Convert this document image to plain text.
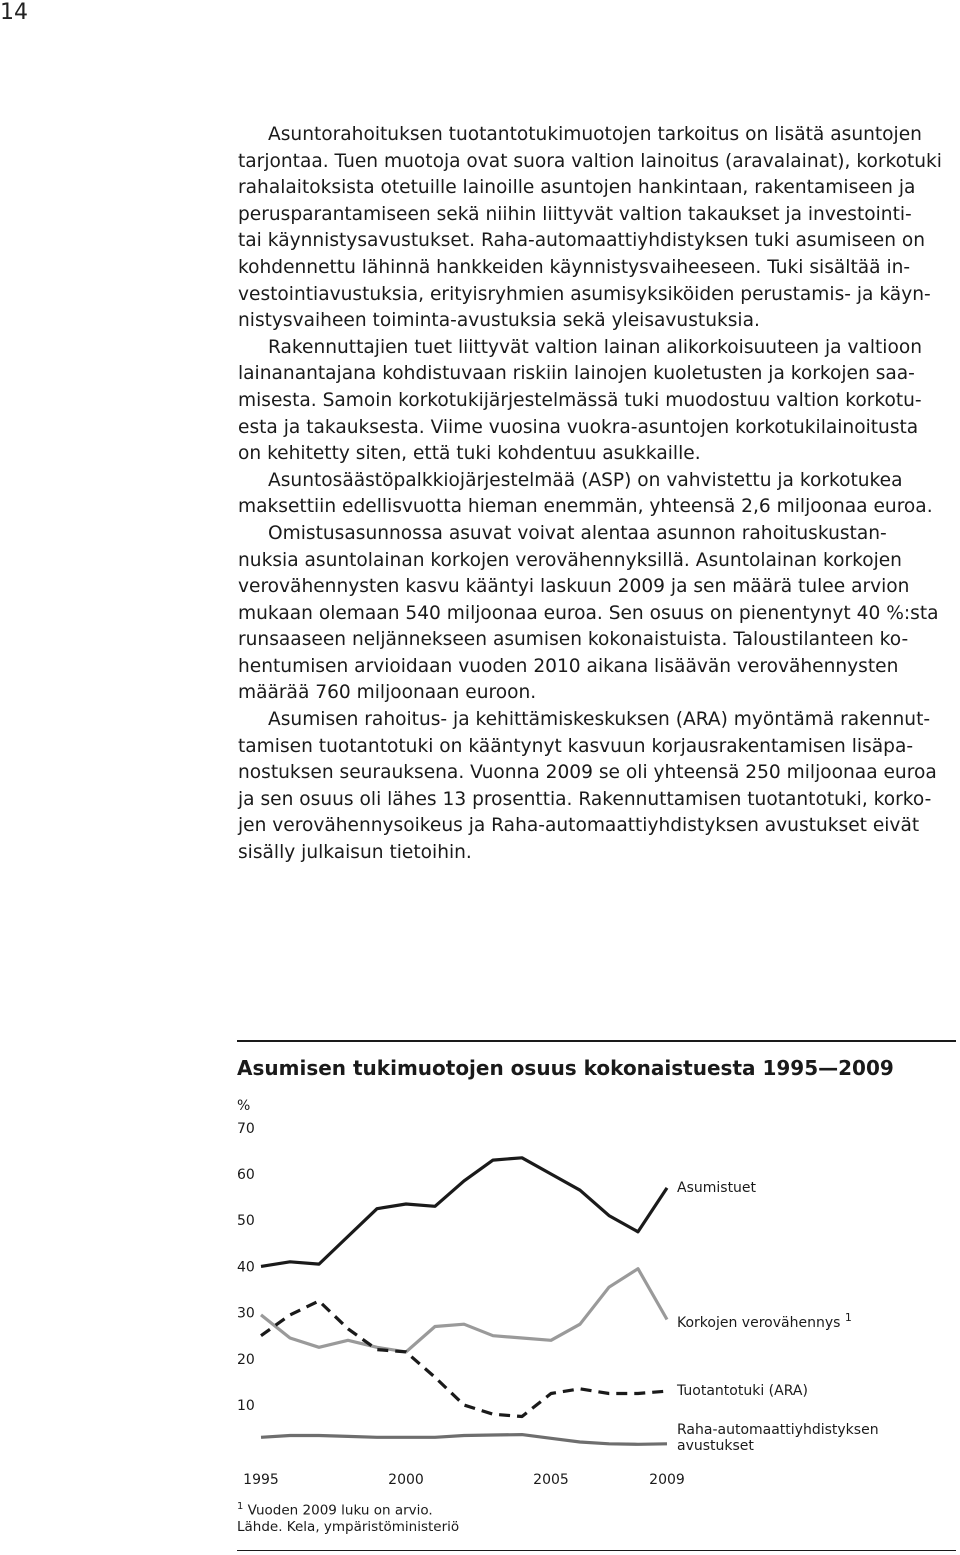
14
Asuntorahoituksen tuotantotukimuotojen tarkoitus on lisätä asuntojen
tarjontaa. Tuen muotoja ovat suora valtion lainoitus (aravalainat), korkotuki
rahalaitoksista otetuille lainoille asuntojen hankintaan, rakentamiseen ja
perusparantamiseen sekä niihin liittyvät valtion takaukset ja investointi-
tai käynnistysavustukset. Raha-automaattiyhdistyksen tuki asumiseen on
kohdennettu lähinnä hankkeiden käynnistysvaiheeseen. Tuki sisältää in-
vestointiavustuksia, erityisryhmien asumisyksiköiden perustamis- ja käyn-
nistysvaiheen toiminta-avustuksia sekä yleisavustuksia.
Rakennuttajien tuet liittyvät valtion lainan alikorkoisuuteen ja valtioon
lainanantajana kohdistuvaan riskiin lainojen kuoletusten ja korkojen saa-
misesta. Samoin korkotukijärjestelmässä tuki muodostuu valtion korkotu-
esta ja takauksesta. Viime vuosina vuokra-asuntojen korkotukilainoitusta
on kehitetty siten, että tuki kohdentuu asukkaille.
Asuntosäästöpalkkiojärjestelmää (ASP) on vahvistettu ja korkotukea
maksettiin edellisvuotta hieman enemmän, yhteensä 2,6 miljoonaa euroa.
Omistusasunnossa asuvat voivat alentaa asunnon rahoituskustan-
nuksia asuntolainan korkojen verovähennyksillä. Asuntolainan korkojen
verovähennysten kasvu kääntyi laskuun 2009 ja sen määrä tulee arvion
mukaan olemaan 540 miljoonaa euroa. Sen osuus on pienentynyt 40 %:sta
runsaaseen neljännekseen asumisen kokonaistuista. Taloustilanteen ko-
hentumisen arvioidaan vuoden 2010 aikana lisäävän verovähennysten
määrää 760 miljoonaan euroon.
Asumisen rahoitus- ja kehittämiskeskuksen (ARA) myöntämä rakennut-
tamisen tuotantotuki on kääntynyt kasvuun korjausrakentamisen lisäpa-
nostuksen seurauksena. Vuonna 2009 se oli yhteensä 250 miljoonaa euroa
ja sen osuus oli lähes 13 prosenttia. Rakennuttamisen tuotantotuki, korko-
jen verovähennysoikeus ja Raha-automaattiyhdistyksen avustukset eivät
sisälly julkaisun tietoihin.
Asumisen tukimuotojen osuus kokonaistuesta 1995—2009
%
10
20
30
40
50
60
70
1995	2000	2005	2009
Asumistuet
Korkojen verovähennys $^1$
Tuotantotuki (ARA)
Raha-automaattiyhdistyksen
avustukset
$^1$ Vuoden 2009 luku on arvio.
Lähde. Kela, ympäristöministeriö
